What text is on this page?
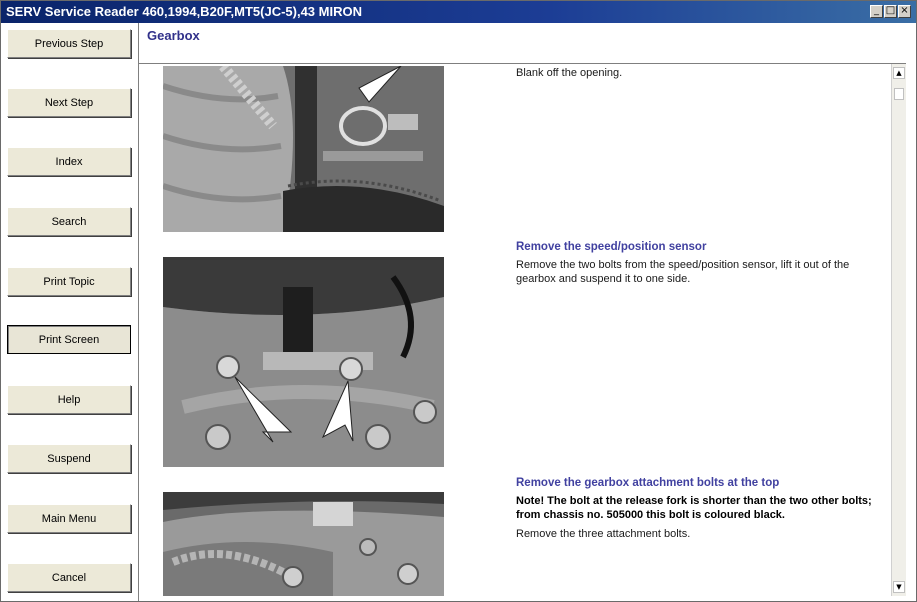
SERV Service Reader 460,1994,B20F,MT5(JC-5),43 MIRON	_ □ ×
Previous Step
Next Step
Index
Search
Print Topic
Print Screen
Help
Suspend
Main Menu
Cancel
Gearbox
Blank off the opening.
Remove the speed/position sensor
Remove the two bolts from the speed/position sensor, lift it out of the gearbox and suspend it to one side.
Remove the gearbox attachment bolts at the top
Note! The bolt at the release fork is shorter than the two other bolts; from chassis no. 505000 this bolt is coloured black.
Remove the three attachment bolts.
▲
▼
